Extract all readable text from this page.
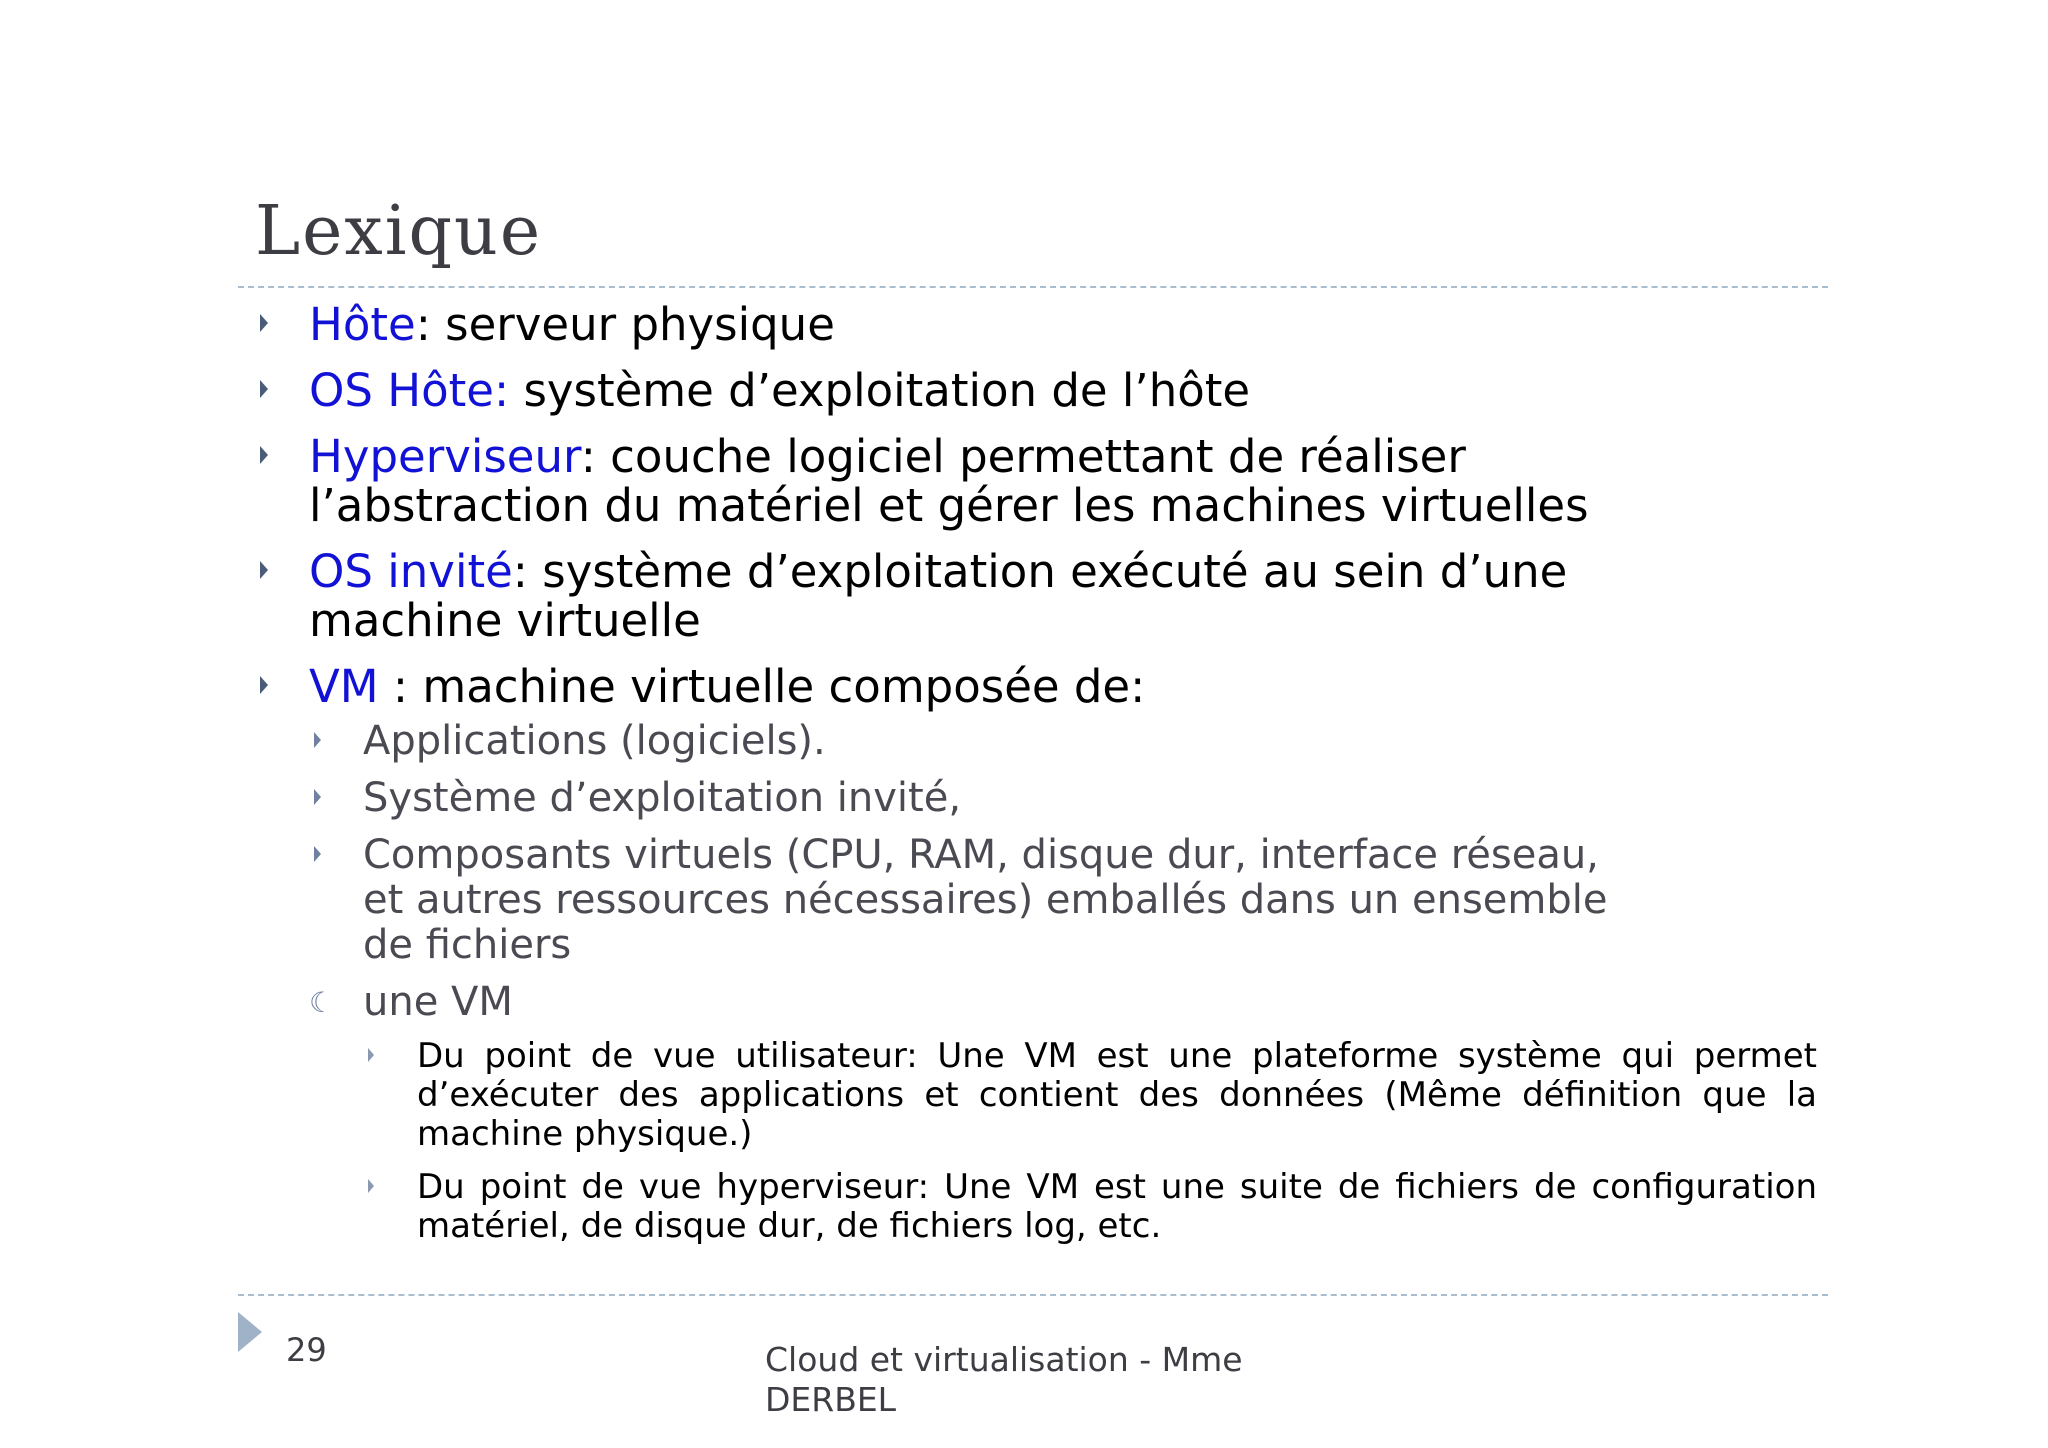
Lexique
Hôte: serveur physique
OS Hôte: système d’exploitation de l’hôte
Hyperviseur: couche logiciel permettant de réaliser l’abstraction du matériel et gérer les machines virtuelles
OS invité: système d’exploitation exécuté au sein d’une machine virtuelle
VM : machine virtuelle composée de:
Applications (logiciels).
Système d’exploitation invité,
Composants virtuels (CPU, RAM, disque dur, interface réseau, et autres ressources nécessaires) emballés dans un ensemble de fichiers
☾ une VM
Du point de vue utilisateur: Une VM est une plateforme système qui permet d’exécuter des applications et contient des données (Même définition que la machine physique.)
Du point de vue hyperviseur: Une VM est une suite de fichiers de configuration matériel, de disque dur, de fichiers log, etc.
29	Cloud et virtualisation - Mme DERBEL
